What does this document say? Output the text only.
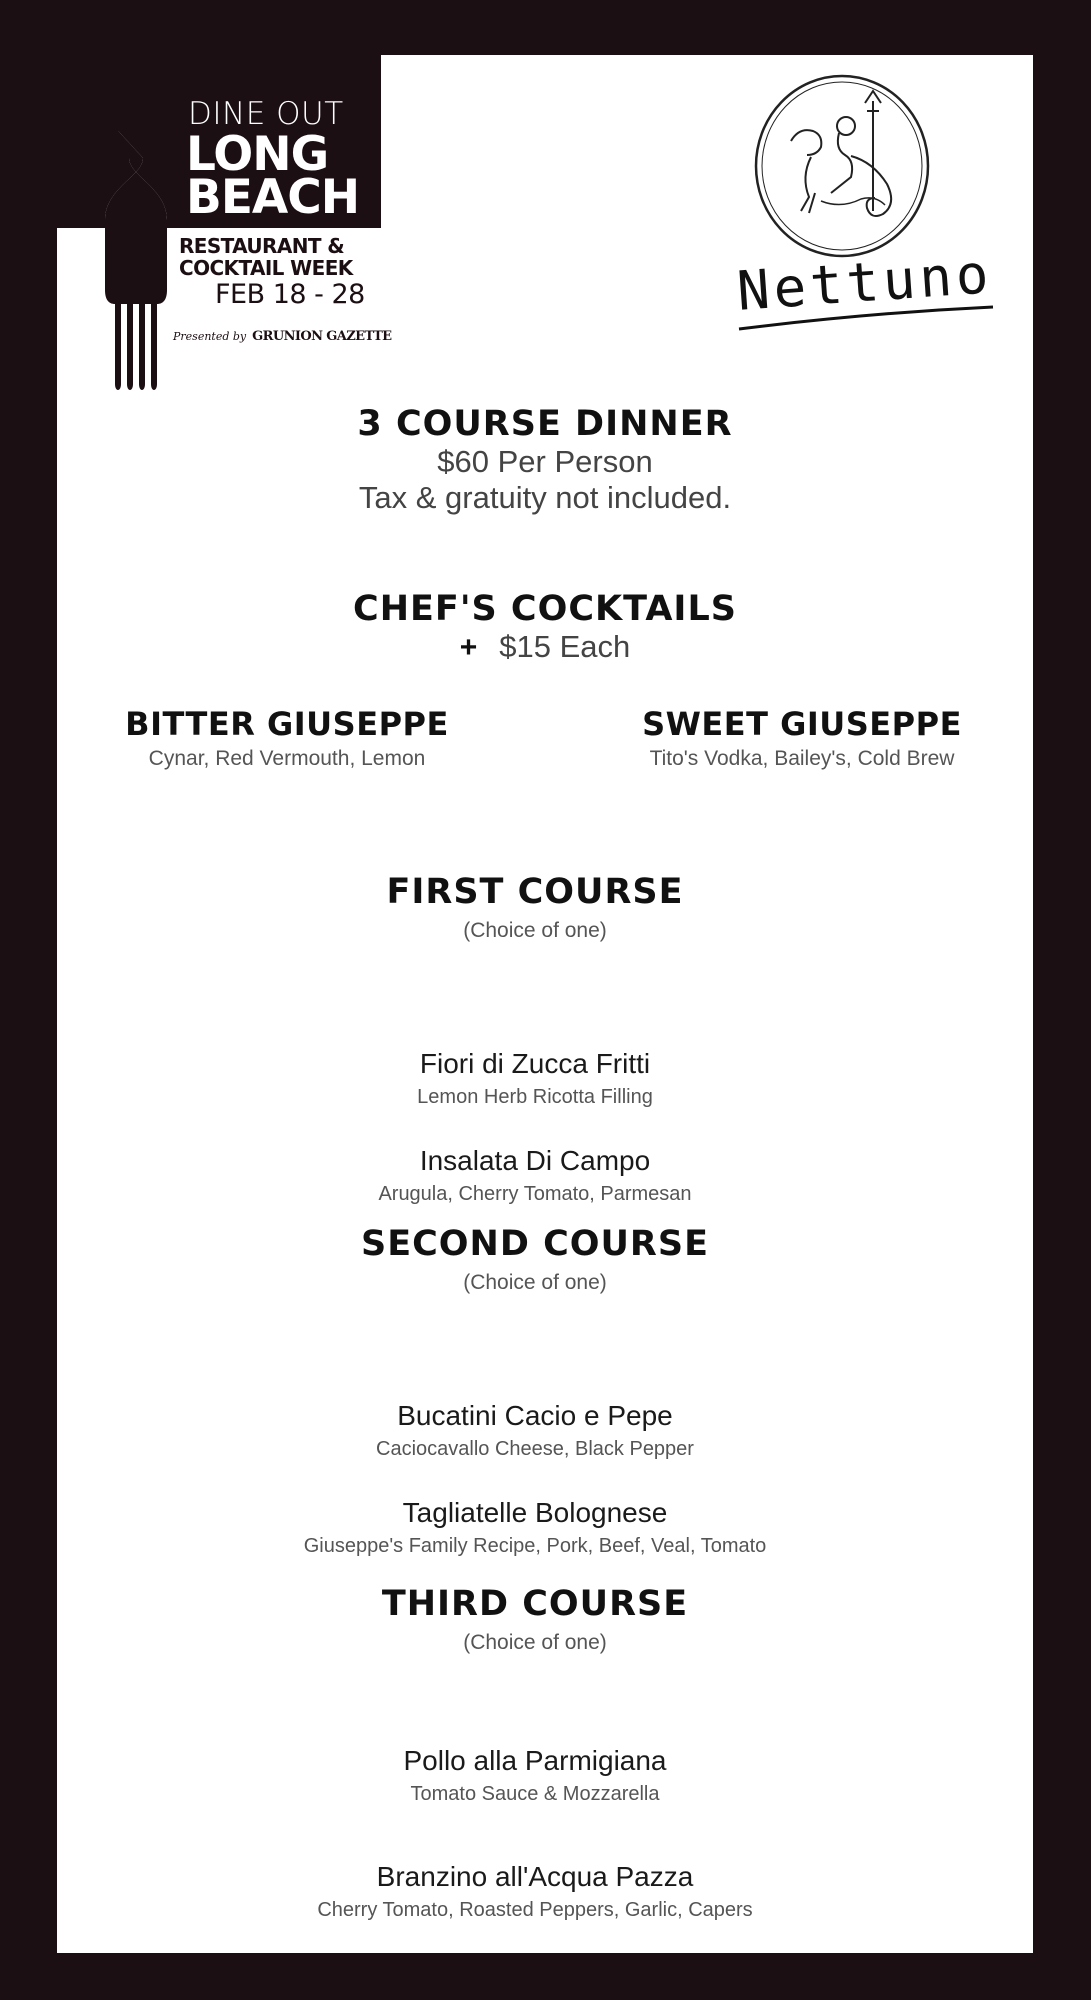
DINE OUT
LONG BEACH
RESTAURANT & COCKTAIL WEEK
FEB 18 - 28
Presented by GRUNION GAZETTE
Nettuno

3 COURSE DINNER

$60 Per Person

Tax & gratuity not included.

CHEF'S COCKTAILS

+ $15 Each
BITTER GIUSEPPE
Cynar, Red Vermouth, Lemon
SWEET GIUSEPPE
Tito's Vodka, Bailey's, Cold Brew

FIRST COURSE

(Choice of one)

Fiori di Zucca Fritti

Lemon Herb Ricotta Filling

Insalata Di Campo

Arugula, Cherry Tomato, Parmesan

SECOND COURSE

(Choice of one)

Bucatini Cacio e Pepe

Caciocavallo Cheese, Black Pepper

Tagliatelle Bolognese

Giuseppe's Family Recipe, Pork, Beef, Veal, Tomato

THIRD COURSE

(Choice of one)

Pollo alla Parmigiana

Tomato Sauce & Mozzarella

Branzino all'Acqua Pazza

Cherry Tomato, Roasted Peppers, Garlic, Capers
